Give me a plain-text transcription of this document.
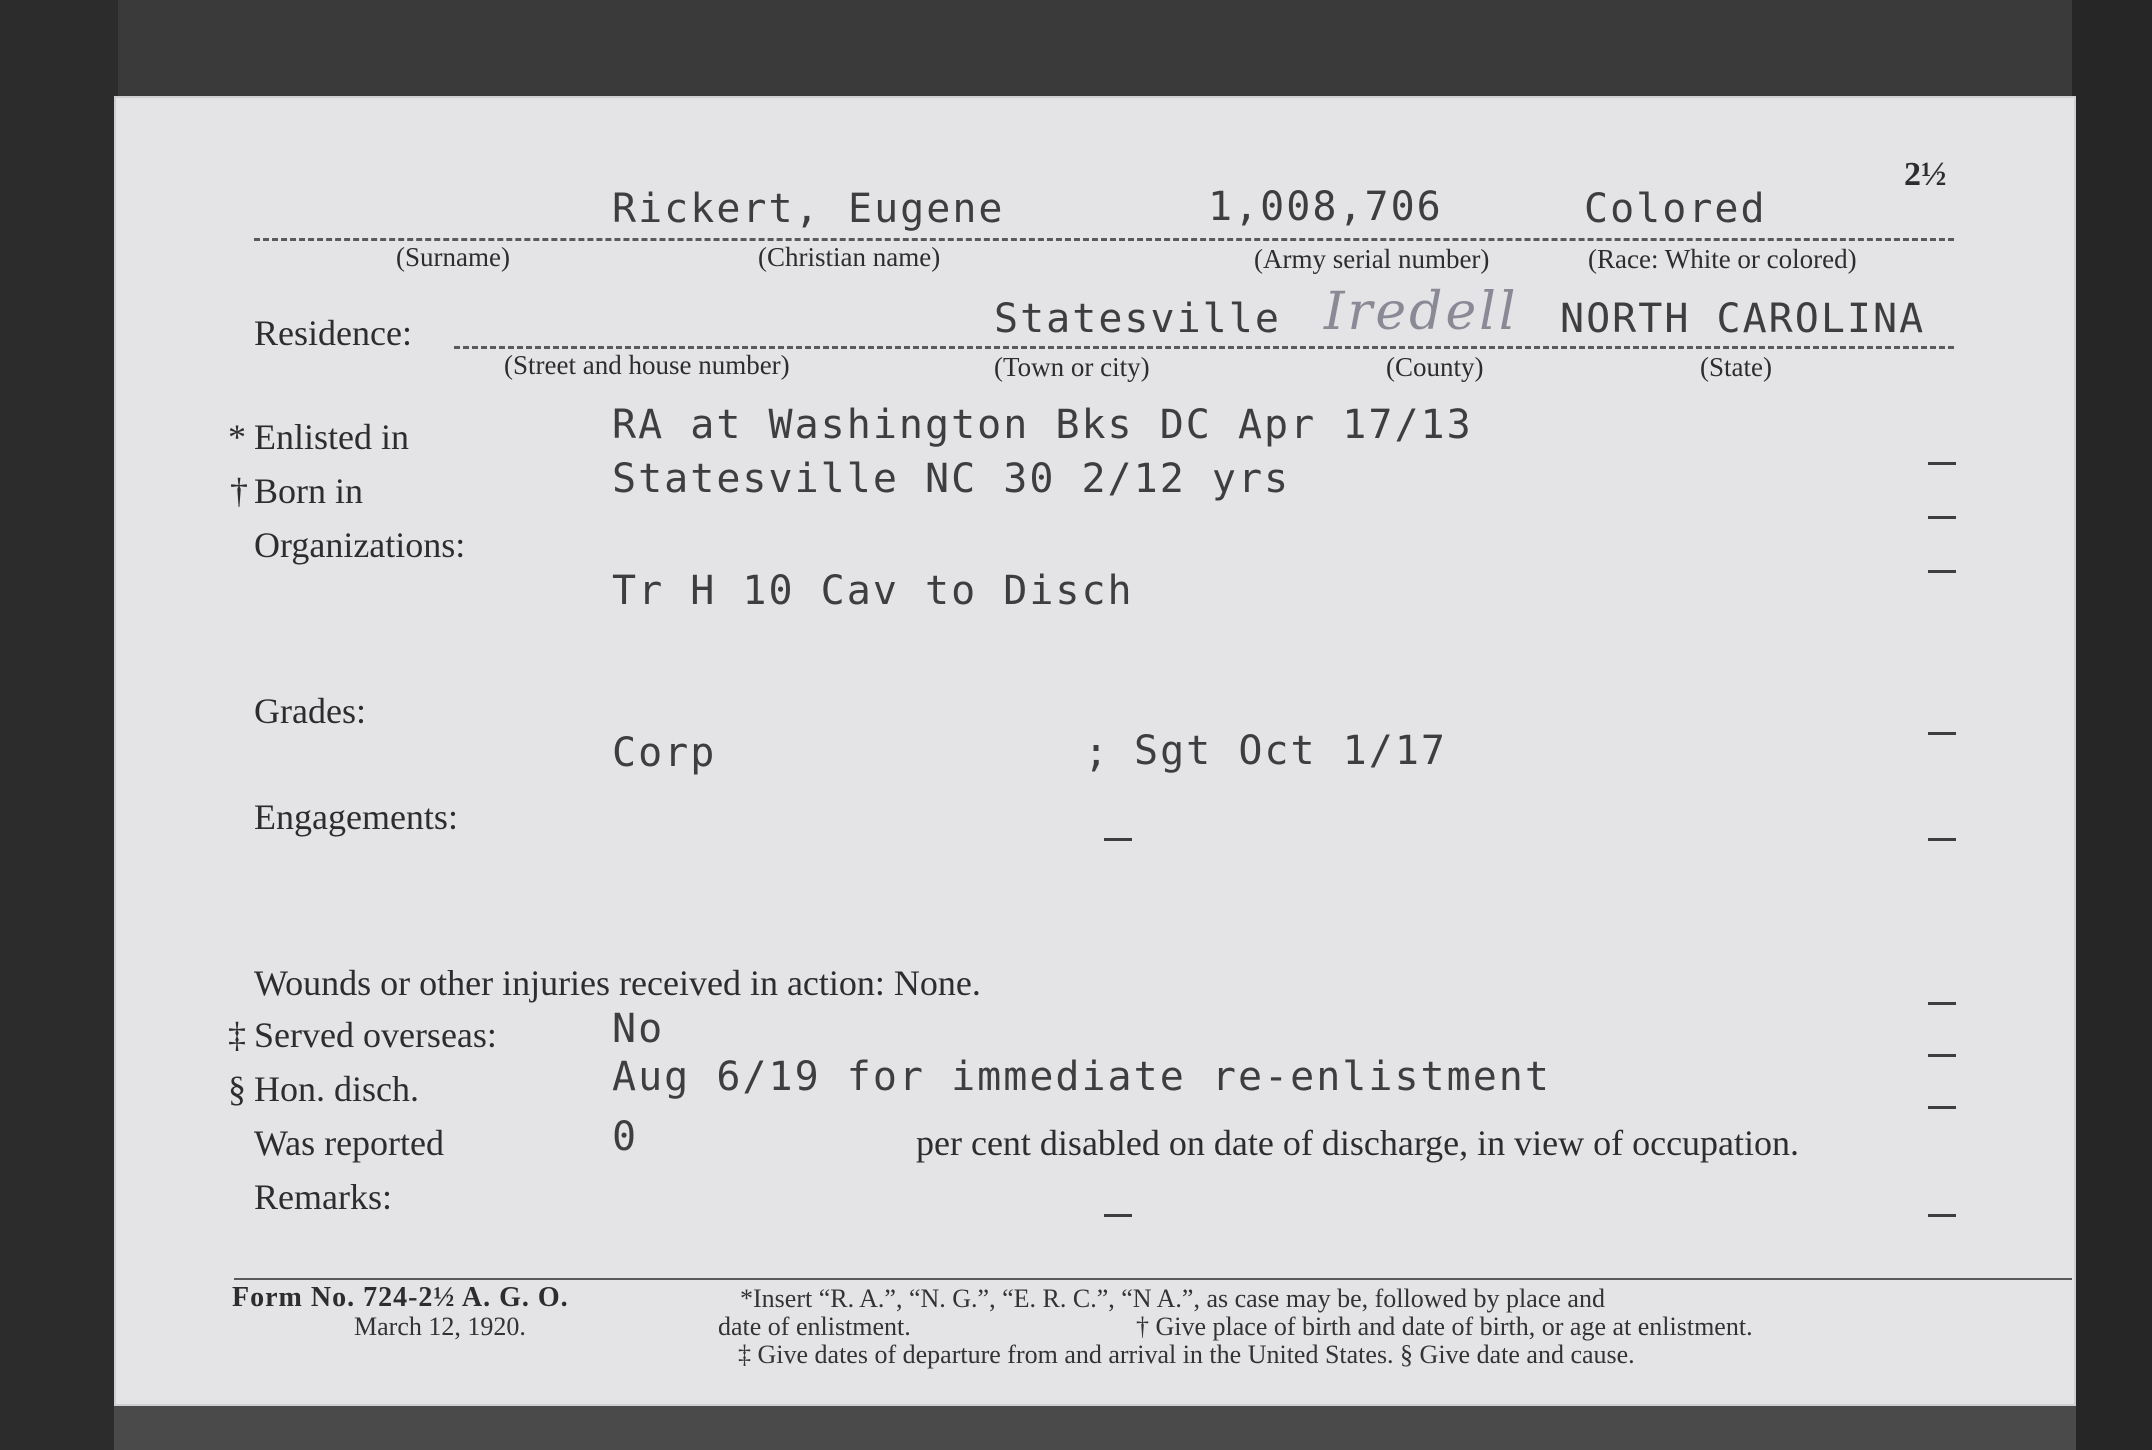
2½
Rickert, Eugene	1,008,706	Colored
(Surname)	(Christian name)	(Army serial number)	(Race: White or colored)
Residence:	Statesville Iredell NORTH CAROLINA
(Street and house number)	(Town or city)	(County)	(State)
* Enlisted in	RA at Washington Bks DC Apr 17/13
† Born in	Statesville NC 30 2/12 yrs
Organizations:
Tr H 10 Cav to Disch
Grades:
Corp	; Sgt Oct 1/17
Engagements:
Wounds or other injuries received in action: None.
‡ Served overseas:	No
§ Hon. disch.	Aug 6/19 for immediate re-enlistment
Was reported	0	per cent disabled on date of discharge, in view of occupation.
Remarks:
Form No. 724-2½ A. G. O.
March 12, 1920.
*Insert “R. A.”, “N. G.”, “E. R. C.”, “N A.”, as case may be, followed by place and
date of enlistment.	† Give place of birth and date of birth, or age at enlistment.
‡ Give dates of departure from and arrival in the United States. § Give date and cause.
